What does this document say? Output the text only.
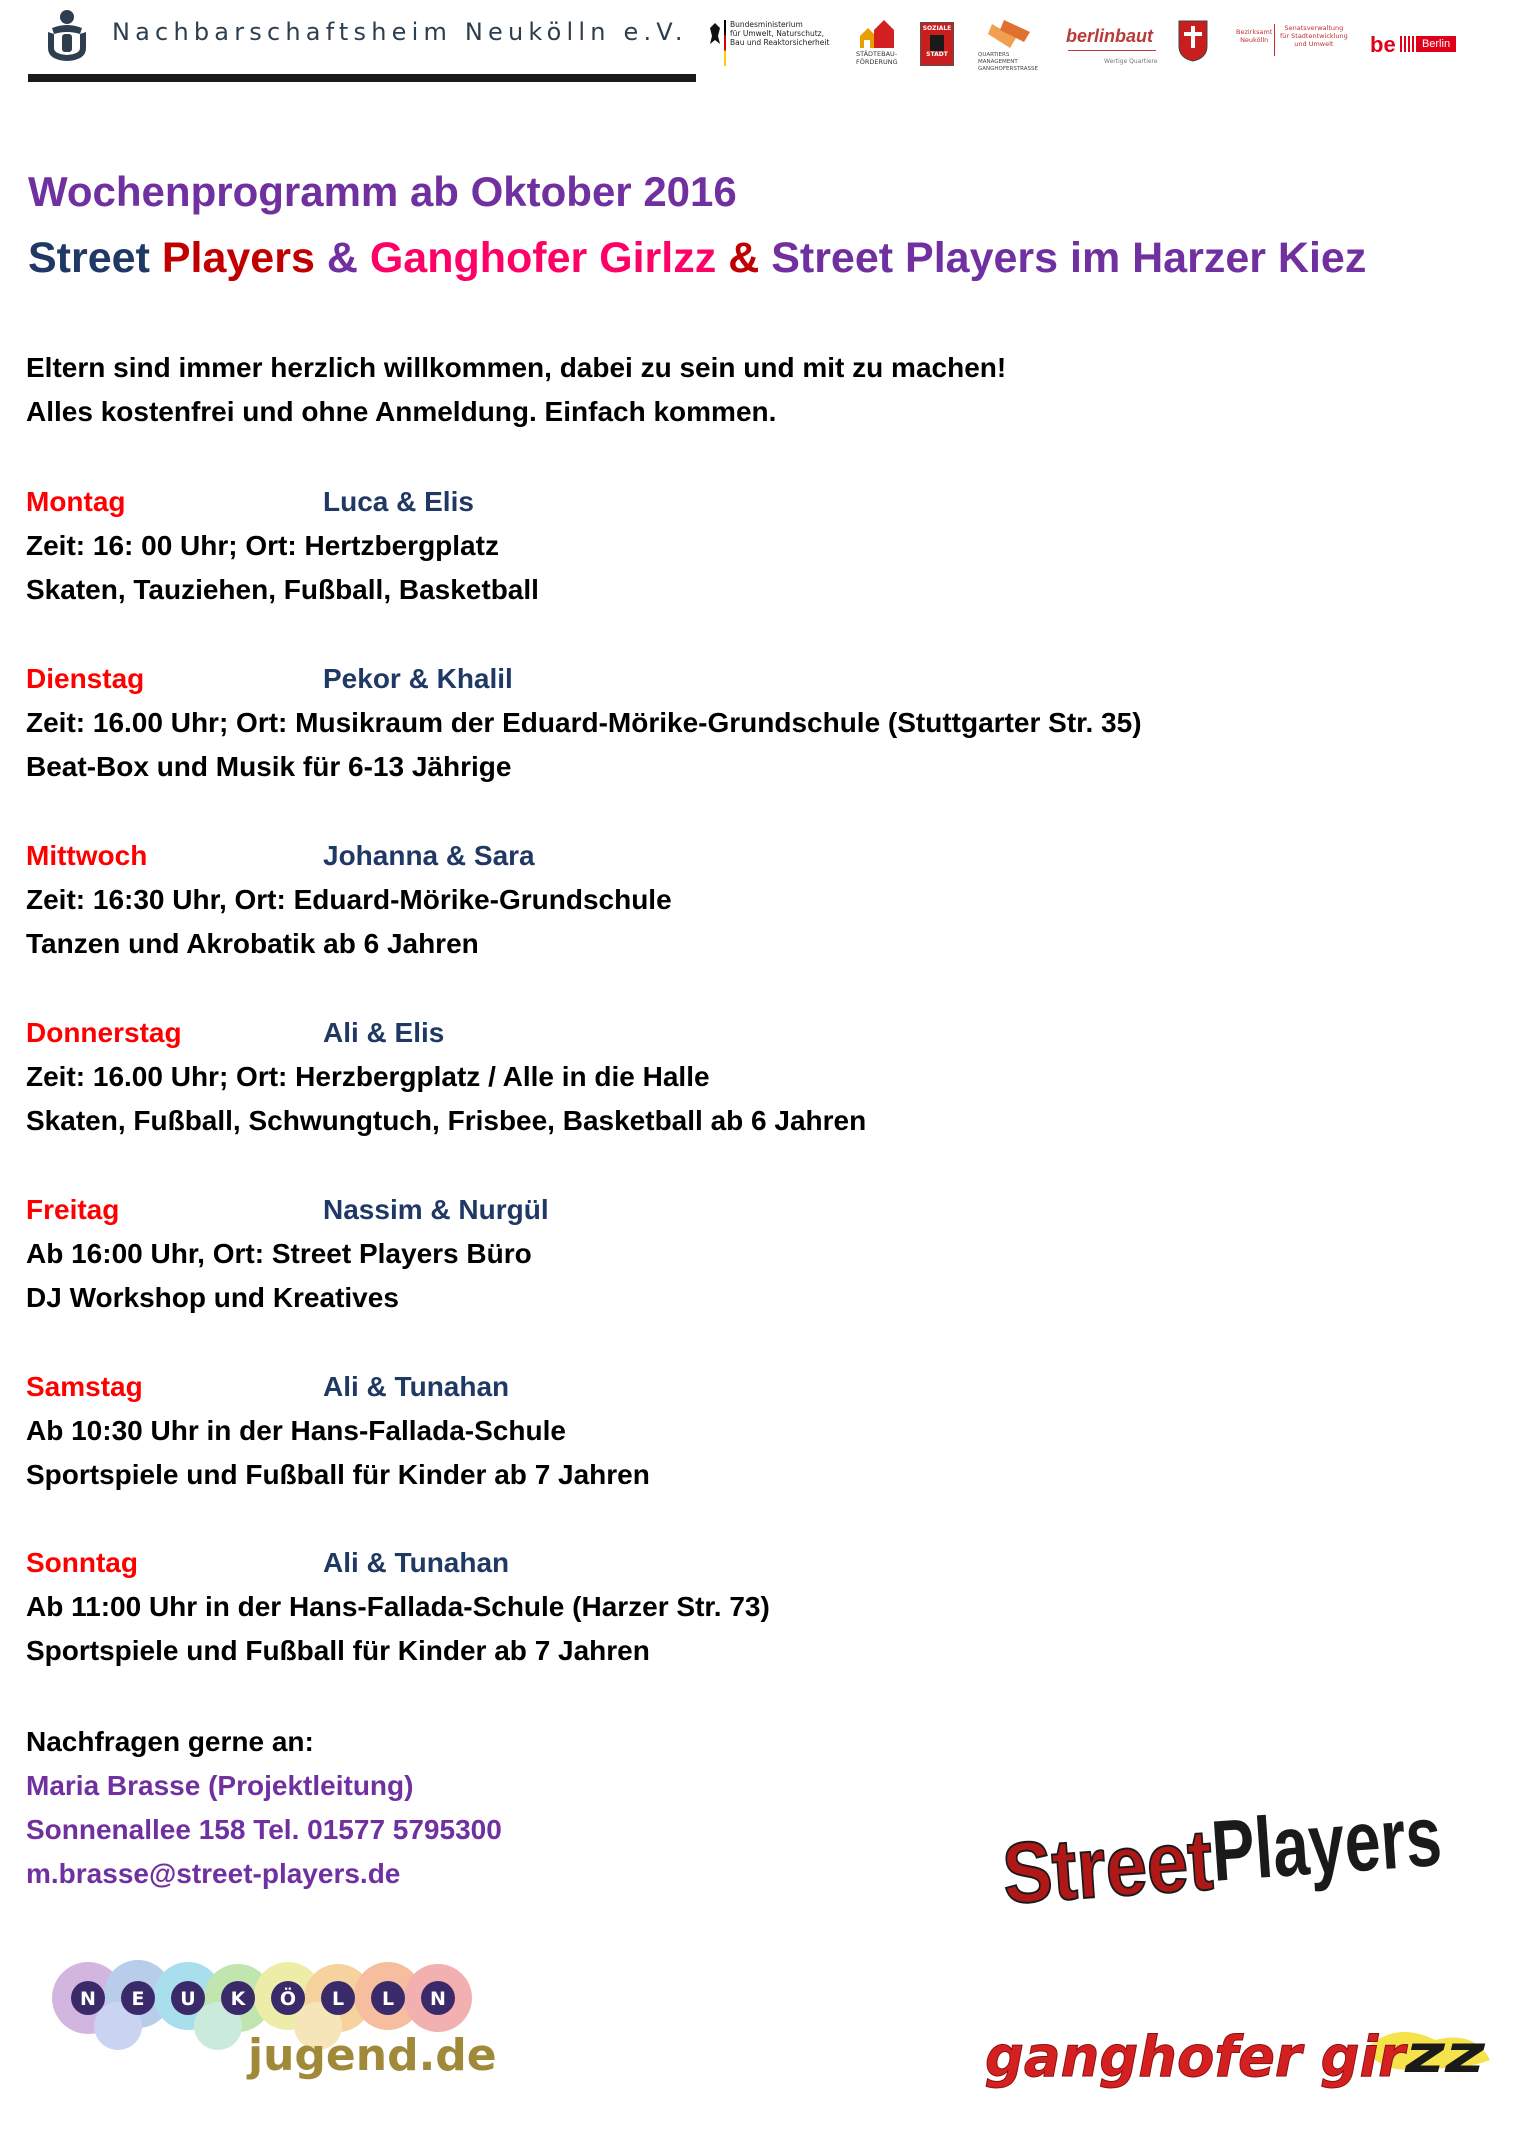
Nachbarschaftsheim Neukölln e.V.	Bundesministerium
für Umwelt, Naturschutz,
Bau und Reaktorsicherheit
STÄDTEBAU-
FÖRDERUNG
SOZIALE
STADT	QUARTIERS
MANAGEMENT
GANGHOFERSTRASSE
berlinbaut
Wertige Quartiere
Bezirksamt
Neukölln
Senatsverwaltung
für Stadtentwicklung
und Umwelt	be	Berlin
Wochenprogramm ab Oktober 2016
Street Players & Ganghofer Girlzz & Street Players im Harzer Kiez
Eltern sind immer herzlich willkommen, dabei zu sein und mit zu machen!
Alles kostenfrei und ohne Anmeldung. Einfach kommen.
Montag	Luca & Elis
Zeit: 16: 00 Uhr; Ort: Hertzbergplatz
Skaten, Tauziehen, Fußball, Basketball
Dienstag	Pekor & Khalil
Zeit: 16.00 Uhr; Ort: Musikraum der Eduard-Mörike-Grundschule (Stuttgarter Str. 35)
Beat-Box und Musik für 6-13 Jährige
Mittwoch	Johanna & Sara
Zeit: 16:30 Uhr, Ort: Eduard-Mörike-Grundschule
Tanzen und Akrobatik ab 6 Jahren
Donnerstag	Ali & Elis
Zeit: 16.00 Uhr; Ort: Herzbergplatz / Alle in die Halle
Skaten, Fußball, Schwungtuch, Frisbee, Basketball ab 6 Jahren
Freitag	Nassim & Nurgül
Ab 16:00 Uhr, Ort: Street Players Büro
DJ Workshop und Kreatives
Samstag	Ali & Tunahan
Ab 10:30 Uhr in der Hans-Fallada-Schule
Sportspiele und Fußball für Kinder ab 7 Jahren
Sonntag	Ali & Tunahan
Ab 11:00 Uhr in der Hans-Fallada-Schule (Harzer Str. 73)
Sportspiele und Fußball für Kinder ab 7 Jahren
Nachfragen gerne an:
Maria Brasse (Projektleitung)
Sonnenallee 158 Tel. 01577 5795300
m.brasse@street-players.de
N E U K Ö L L N
jugend.de
Street
Players
ganghofer gir
zz
